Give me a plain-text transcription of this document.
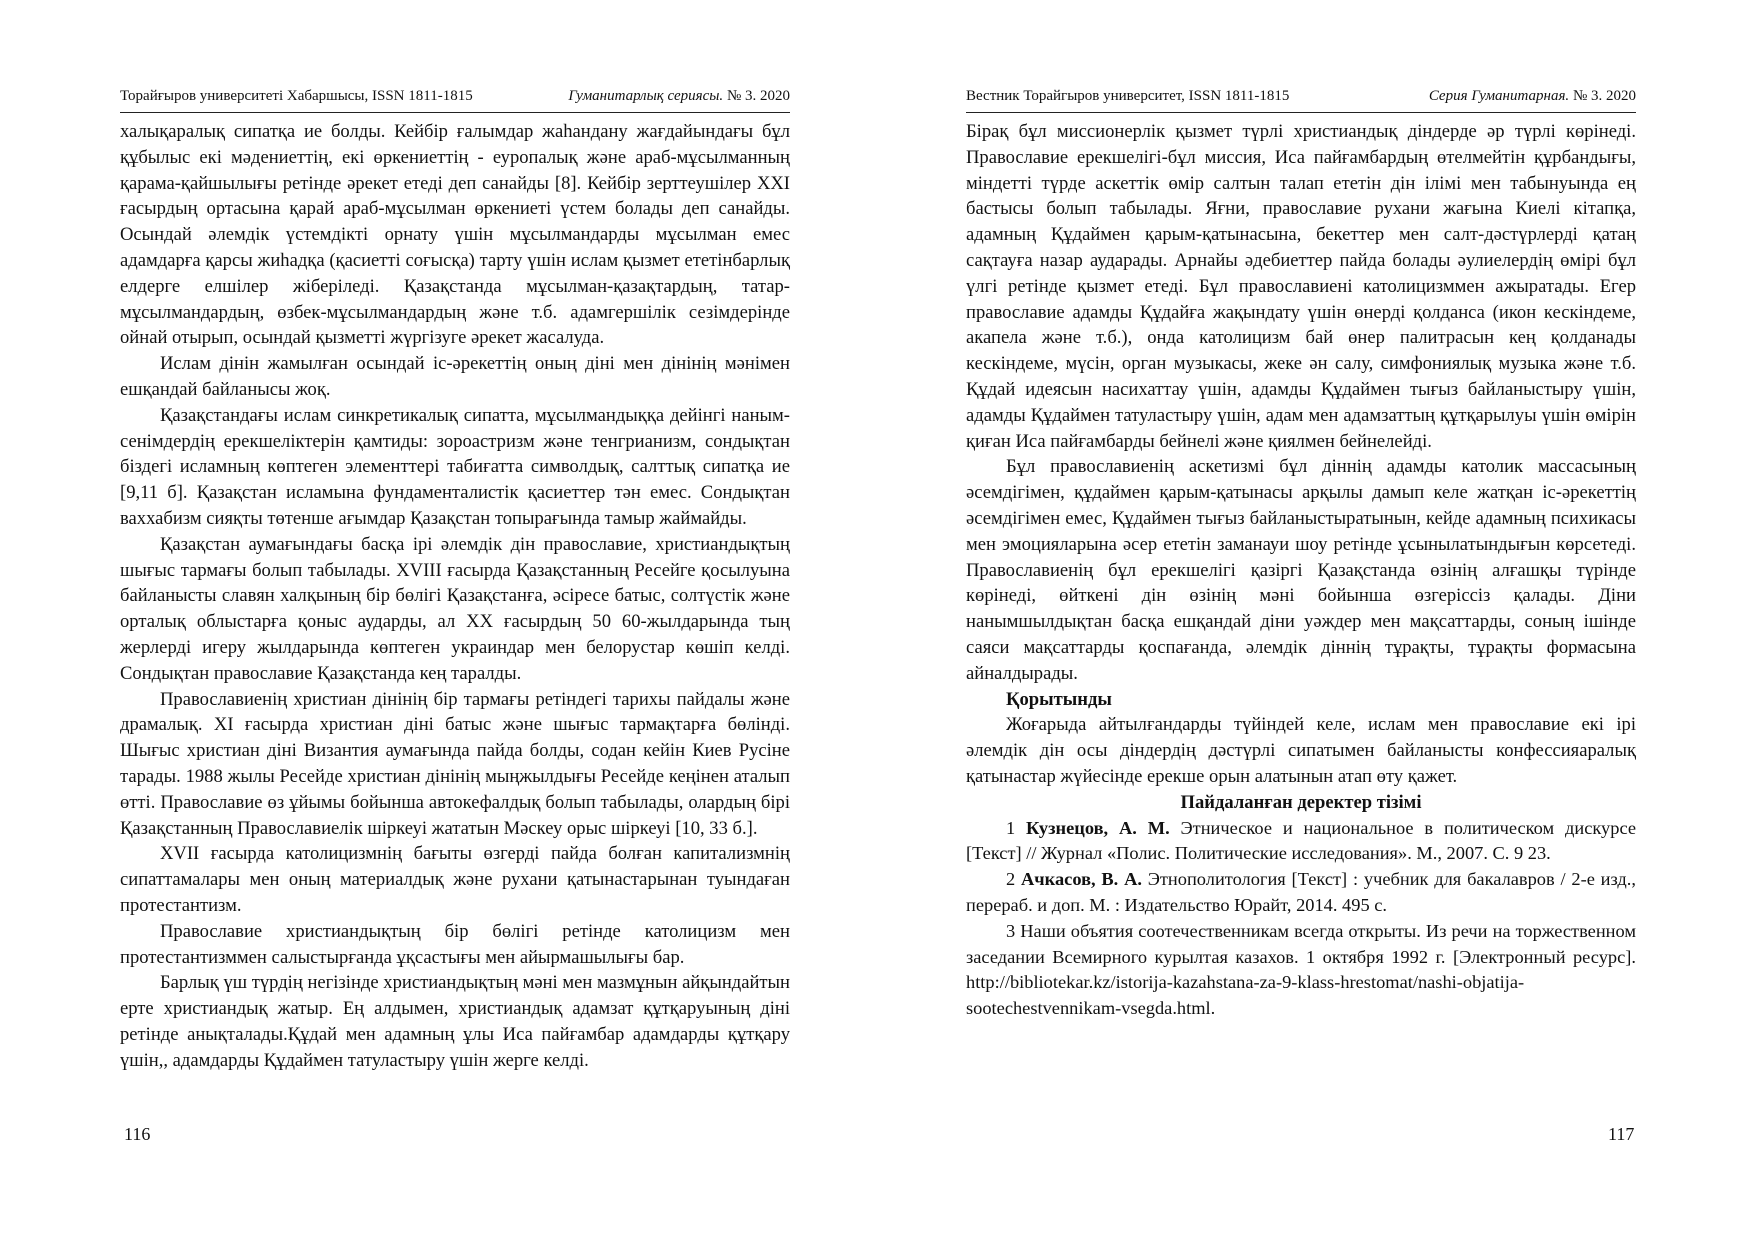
Торайғыров университеті Хабаршысы, ISSN 1811-1815	Гуманитарлық сериясы. № 3. 2020

халықаралық сипатқа ие болды. Кейбір ғалымдар жаһандану жағдайындағы бұл құбылыс екі мәдениеттің, екі өркениеттің - еуропалық және араб-мұсылманның қарама-қайшылығы ретінде әрекет етеді деп санайды [8]. Кейбір зерттеушілер XXI ғасырдың ортасына қарай араб-мұсылман өркениеті үстем болады деп санайды. Осындай әлемдік үстемдікті орнату үшін мұсылмандарды мұсылман емес адамдарға қарсы жиһадқа (қасиетті соғысқа) тарту үшін ислам қызмет ететінбарлық елдерге елшілер жіберіледі. Қазақстанда мұсылман-қазақтардың, татар-мұсылмандардың, өзбек-мұсылмандардың және т.б. адамгершілік сезімдерінде ойнай отырып, осындай қызметті жүргізуге әрекет жасалуда.

Ислам дінін жамылған осындай іс-әрекеттің оның діні мен дінінің мәнімен ешқандай байланысы жоқ.

Қазақстандағы ислам синкретикалық сипатта, мұсылмандыққа дейінгі наным-сенімдердің ерекшеліктерін қамтиды: зороастризм және тенгрианизм, сондықтан біздегі исламның көптеген элементтері табиғатта символдық, салттық сипатқа ие [9,11 б]. Қазақстан исламына фундаменталистік қасиеттер тән емес. Сондықтан ваххабизм сияқты төтенше ағымдар Қазақстан топырағында тамыр жаймайды.

Қазақстан аумағындағы басқа ірі әлемдік дін православие, христиандықтың шығыс тармағы болып табылады. XVIII ғасырда Қазақстанның Ресейге қосылуына байланысты славян халқының бір бөлігі Қазақстанға, әсіресе батыс, солтүстік және орталық облыстарға қоныс аударды, ал XX ғасырдың 50 60-жылдарында тың жерлерді игеру жылдарында көптеген украиндар мен белорустар көшіп келді. Сондықтан православие Қазақстанда кең таралды.

Православиенің христиан дінінің бір тармағы ретіндегі тарихы пайдалы және драмалық. XI ғасырда христиан діні батыс және шығыс тармақтарға бөлінді. Шығыс христиан діні Византия аумағында пайда болды, содан кейін Киев Русіне тарады. 1988 жылы Ресейде христиан дінінің мыңжылдығы Ресейде кеңінен аталып өтті. Православие өз ұйымы бойынша автокефалдық болып табылады, олардың бірі Қазақстанның Православиелік шіркеуі жататын Мәскеу орыс шіркеуі [10, 33 б.].

XVII ғасырда католицизмнің бағыты өзгерді пайда болған капитализмнің сипаттамалары мен оның материалдық және рухани қатынастарынан туындаған протестантизм.

Православие христиандықтың бір бөлігі ретінде католицизм мен протестантизммен салыстырғанда ұқсастығы мен айырмашылығы бар.

Барлық үш түрдің негізінде христиандықтың мәні мен мазмұнын айқындайтын ерте христиандық жатыр. Ең алдымен, христиандық адамзат құтқаруының діні ретінде анықталады.Құдай мен адамның ұлы Иса пайғамбар адамдарды құтқару үшін,, адамдарды Құдаймен татуластыру үшін жерге келді.

116
Вестник Торайгыров университет, ISSN 1811-1815	Серия Гуманитарная. № 3. 2020

Бірақ бұл миссионерлік қызмет түрлі христиандық діндерде әр түрлі көрінеді. Православие ерекшелігі-бұл миссия, Иса пайғамбардың өтелмейтін құрбандығы, міндетті түрде аскеттік өмір салтын талап ететін дін ілімі мен табынуында ең бастысы болып табылады. Яғни, православие рухани жағына Киелі кітапқа, адамның Құдаймен қарым-қатынасына, бекеттер мен салт-дәстүрлерді қатаң сақтауға назар аударады. Арнайы әдебиеттер пайда болады әулиелердің өмірі бұл үлгі ретінде қызмет етеді. Бұл православиені католицизммен ажыратады. Егер православие адамды Құдайға жақындату үшін өнерді қолданса (икон кескіндеме, акапела және т.б.), онда католицизм бай өнер палитрасын кең қолданады кескіндеме, мүсін, орган музыкасы, жеке ән салу, симфониялық музыка және т.б. Құдай идеясын насихаттау үшін, адамды Құдаймен тығыз байланыстыру үшін, адамды Құдаймен татуластыру үшін, адам мен адамзаттың құтқарылуы үшін өмірін қиған Иса пайғамбарды бейнелі және қиялмен бейнелейді.

Бұл православиенің аскетизмі бұл діннің адамды католик массасының әсемдігімен, құдаймен қарым-қатынасы арқылы дамып келе жатқан іс-әрекеттің әсемдігімен емес, Құдаймен тығыз байланыстыратынын, кейде адамның психикасы мен эмоцияларына әсер ететін заманауи шоу ретінде ұсынылатындығын көрсетеді. Православиенің бұл ерекшелігі қазіргі Қазақстанда өзінің алғашқы түрінде көрінеді, өйткені дін өзінің мәні бойынша өзгеріссіз қалады. Діни нанымшылдықтан басқа ешқандай діни уәждер мен мақсаттарды, соның ішінде саяси мақсаттарды қоспағанда, әлемдік діннің тұрақты, тұрақты формасына айналдырады.

Қорытынды

Жоғарыда айтылғандарды түйіндей келе, ислам мен православие екі ірі әлемдік дін осы діндердің дәстүрлі сипатымен байланысты конфессияаралық қатынастар жүйесінде ерекше орын алатынын атап өту қажет.

Пайдаланған деректер тізімі

1 Кузнецов, А. М. Этническое и национальное в политическом дискурсе [Текст] // Журнал «Полис. Политические исследования». М., 2007. С. 9 23.

2 Ачкасов, В. А. Этнополитология [Текст] : учебник для бакалавров / 2-е изд., перераб. и доп. М. : Издательство Юрайт, 2014. 495 с.

3 Наши объятия соотечественникам всегда открыты. Из речи на торжественном заседании Всемирного курылтая казахов. 1 октября 1992 г. [Электронный ресурс]. http://bibliotekar.kz/istorija-kazahstana-za-9-klass-hrestomat/nashi-objatija-sootechestvennikam-vsegda.html.

117
